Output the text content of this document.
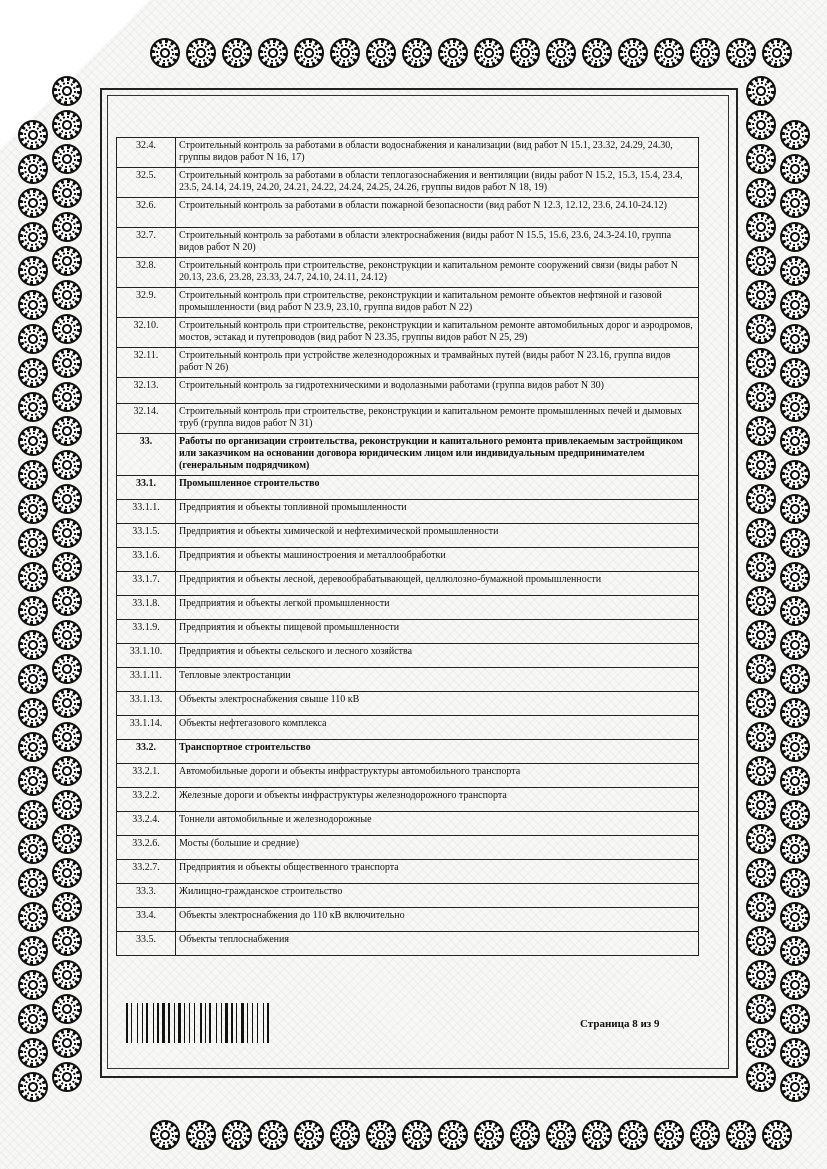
32.4.	Строительный контроль за работами в области водоснабжения и канализации (вид работ N 15.1, 23.32, 24.29, 24.30, группы видов работ N 16, 17)
32.5.	Строительный контроль за работами в области теплогазоснабжения и вентиляции (виды работ N 15.2, 15.3, 15.4, 23.4, 23.5, 24.14, 24.19, 24.20, 24.21, 24.22, 24.24, 24.25, 24.26, группы видов работ N 18, 19)
32.6.	Строительный контроль за работами в области пожарной безопасности (вид работ N 12.3, 12.12, 23.6, 24.10-24.12)
32.7.	Строительный контроль за работами в области электроснабжения (виды работ N 15.5, 15.6, 23.6, 24.3-24.10, группа видов работ N 20)
32.8.	Строительный контроль при строительстве, реконструкции и капитальном ремонте сооружений связи (виды работ N 20.13, 23.6, 23.28, 23.33, 24.7, 24.10, 24.11, 24.12)
32.9.	Строительный контроль при строительстве, реконструкции и капитальном ремонте объектов нефтяной и газовой промышленности (вид работ N 23.9, 23.10, группа видов работ N 22)
32.10.	Строительный контроль при строительстве, реконструкции и капитальном ремонте автомобильных дорог и аэродромов, мостов, эстакад и путепроводов (вид работ N 23.35, группы видов работ N 25, 29)
32.11.	Строительный контроль при устройстве железнодорожных и трамвайных путей (виды работ N 23.16, группа видов работ N 26)
32.13.	Строительный контроль за гидротехническими и водолазными работами (группа видов работ N 30)
32.14.	Строительный контроль при строительстве, реконструкции и капитальном ремонте промышленных печей и дымовых труб (группа видов работ N 31)
33.	Работы по организации строительства, реконструкции и капитального ремонта привлекаемым застройщиком или заказчиком на основании договора юридическим лицом или индивидуальным предпринимателем (генеральным подрядчиком)
33.1.	Промышленное строительство
33.1.1.	Предприятия и объекты топливной промышленности
33.1.5.	Предприятия и объекты химической и нефтехимической промышленности
33.1.6.	Предприятия и объекты машиностроения и металлообработки
33.1.7.	Предприятия и объекты лесной, деревообрабатывающей, целлюлозно-бумажной промышленности
33.1.8.	Предприятия и объекты легкой промышленности
33.1.9.	Предприятия и объекты пищевой промышленности
33.1.10.	Предприятия и объекты сельского и лесного хозяйства
33.1.11.	Тепловые электростанции
33.1.13.	Объекты электроснабжения свыше 110 кВ
33.1.14.	Объекты нефтегазового комплекса
33.2.	Транспортное строительство
33.2.1.	Автомобильные дороги и объекты инфраструктуры автомобильного транспорта
33.2.2.	Железные дороги и объекты инфраструктуры железнодорожного транспорта
33.2.4.	Тоннели автомобильные и железнодорожные
33.2.6.	Мосты (большие и средние)
33.2.7.	Предприятия и объекты общественного транспорта
33.3.	Жилищно-гражданское строительство
33.4.	Объекты электроснабжения до 110 кВ включительно
33.5.	Объекты теплоснабжения
Страница 8 из 9
